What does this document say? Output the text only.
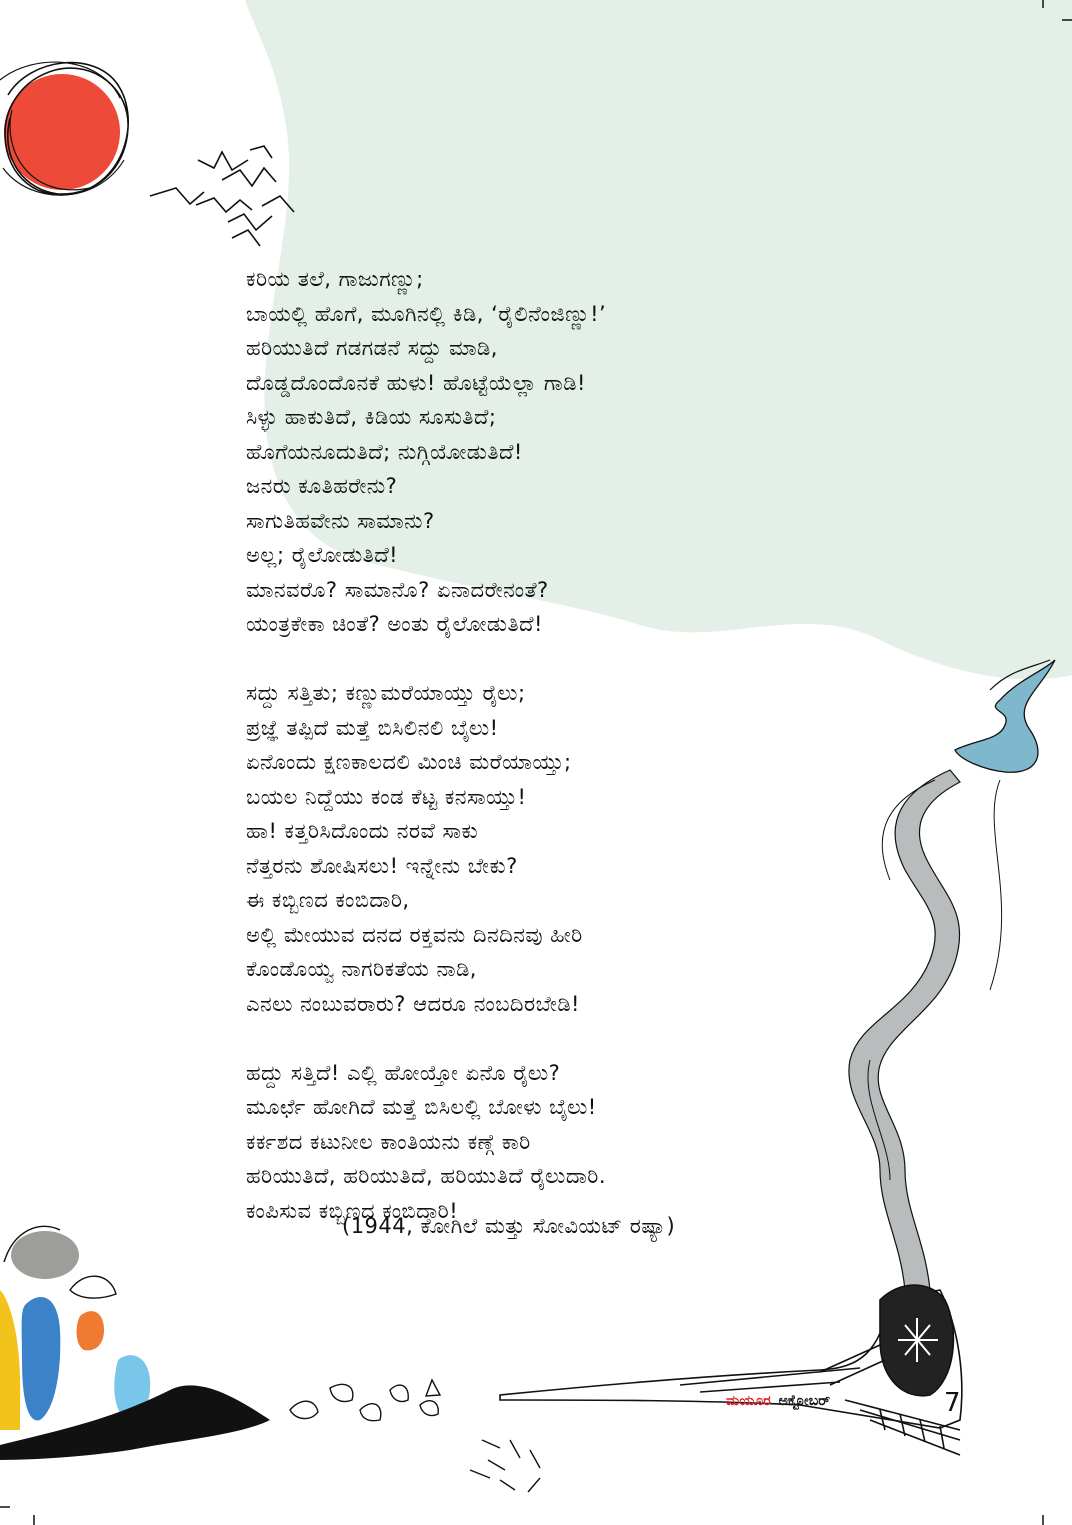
ಕರಿಯ ತಲೆ, ಗಾಜುಗಣ್ಣು;
ಬಾಯಲ್ಲಿ ಹೊಗೆ, ಮೂಗಿನಲ್ಲಿ ಕಿಡಿ, ‘ರೈಲಿನೆಂಜಿಣ್ಣು!’
ಹರಿಯುತಿದೆ ಗಡಗಡನೆ ಸದ್ದು ಮಾಡಿ,
ದೊಡ್ಡದೊಂದೊನಕೆ ಹುಳು! ಹೊಟ್ಟೆಯೆಲ್ಲಾ ಗಾಡಿ!
ಸಿಳ್ಳು ಹಾಕುತಿದೆ, ಕಿಡಿಯ ಸೂಸುತಿದೆ;
ಹೊಗೆಯನೂದುತಿದೆ; ನುಗ್ಗಿಯೋಡುತಿದೆ!
ಜನರು ಕೂತಿಹರೇನು?
ಸಾಗುತಿಹವೇನು ಸಾಮಾನು?
ಅಲ್ಲ; ರೈಲೋಡುತಿದೆ!
ಮಾನವರೊ? ಸಾಮಾನೊ? ಏನಾದರೇನಂತೆ?
ಯಂತ್ರಕೇಕಾ ಚಿಂತೆ? ಅಂತು ರೈಲೋಡುತಿದೆ!
ಸದ್ದು ಸತ್ತಿತು; ಕಣ್ಣುಮರೆಯಾಯ್ತು ರೈಲು;
ಪ್ರಜ್ಞೆ ತಪ್ಪಿದೆ ಮತ್ತೆ ಬಿಸಿಲಿನಲಿ ಬೈಲು!
ಏನೊಂದು ಕ್ಷಣಕಾಲದಲಿ ಮಿಂಚಿ ಮರೆಯಾಯ್ತು;
ಬಯಲ ನಿದ್ದೆಯು ಕಂಡ ಕೆಟ್ಟ ಕನಸಾಯ್ತು!
ಹಾ! ಕತ್ತರಿಸಿದೊಂದು ನರವೆ ಸಾಕು
ನೆತ್ತರನು ಶೋಷಿಸಲು! ಇನ್ನೇನು ಬೇಕು?
ಈ ಕಬ್ಬಿಣದ ಕಂಬಿದಾರಿ,
ಅಲ್ಲಿ ಮೇಯುವ ದನದ ರಕ್ತವನು ದಿನದಿನವು ಹೀರಿ
ಕೊಂಡೊಯ್ವ ನಾಗರಿಕತೆಯ ನಾಡಿ,
ಎನಲು ನಂಬುವರಾರು? ಆದರೂ ನಂಬದಿರಬೇಡಿ!
ಹದ್ದು ಸತ್ತಿದೆ! ಎಲ್ಲಿ ಹೋಯ್ತೋ ಏನೊ ರೈಲು?
ಮೂರ್ಛೆ ಹೋಗಿದೆ ಮತ್ತೆ ಬಿಸಿಲಲ್ಲಿ ಬೋಳು ಬೈಲು!
ಕರ್ಕಶದ ಕಟುನೀಲ ಕಾಂತಿಯನು ಕಣ್ಗೆ ಕಾರಿ
ಹರಿಯುತಿದೆ, ಹರಿಯುತಿದೆ, ಹರಿಯುತಿದೆ ರೈಲುದಾರಿ.
ಕಂಪಿಸುವ ಕಬ್ಬಿಣದ ಕಂಬಿದಾರಿ!
(1944, ಕೋಗಿಲೆ ಮತ್ತು ಸೋವಿಯಟ್ ರಷ್ಯಾ)
ಮಯೂರ ಅಕ್ಟೋಬರ್	7
